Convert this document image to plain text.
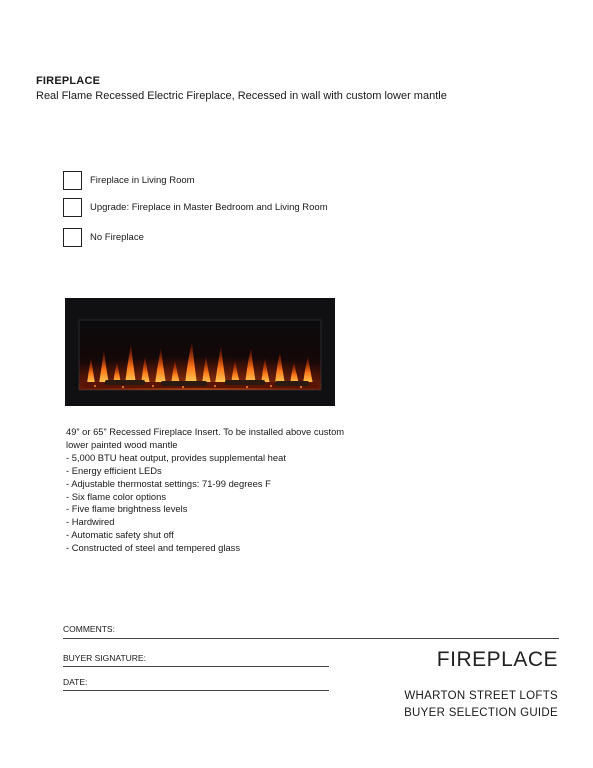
FIREPLACE
Real Flame Recessed Electric Fireplace, Recessed in wall with custom lower mantle
Fireplace in Living Room
Upgrade: Fireplace in Master Bedroom and Living Room
No Fireplace

49” or 65” Recessed Fireplace Insert. To be installed above custom lower painted wood mantle

- 5,000 BTU heat output, provides supplemental heat
- Energy efficient LEDs
- Adjustable thermostat settings: 71-99 degrees F
- Six flame color options
- Five flame brightness levels
- Hardwired
- Automatic safety shut off
- Constructed of steel and tempered glass
COMMENTS:
BUYER SIGNATURE:
DATE:
FIREPLACE
WHARTON STREET LOFTS
BUYER SELECTION GUIDE
